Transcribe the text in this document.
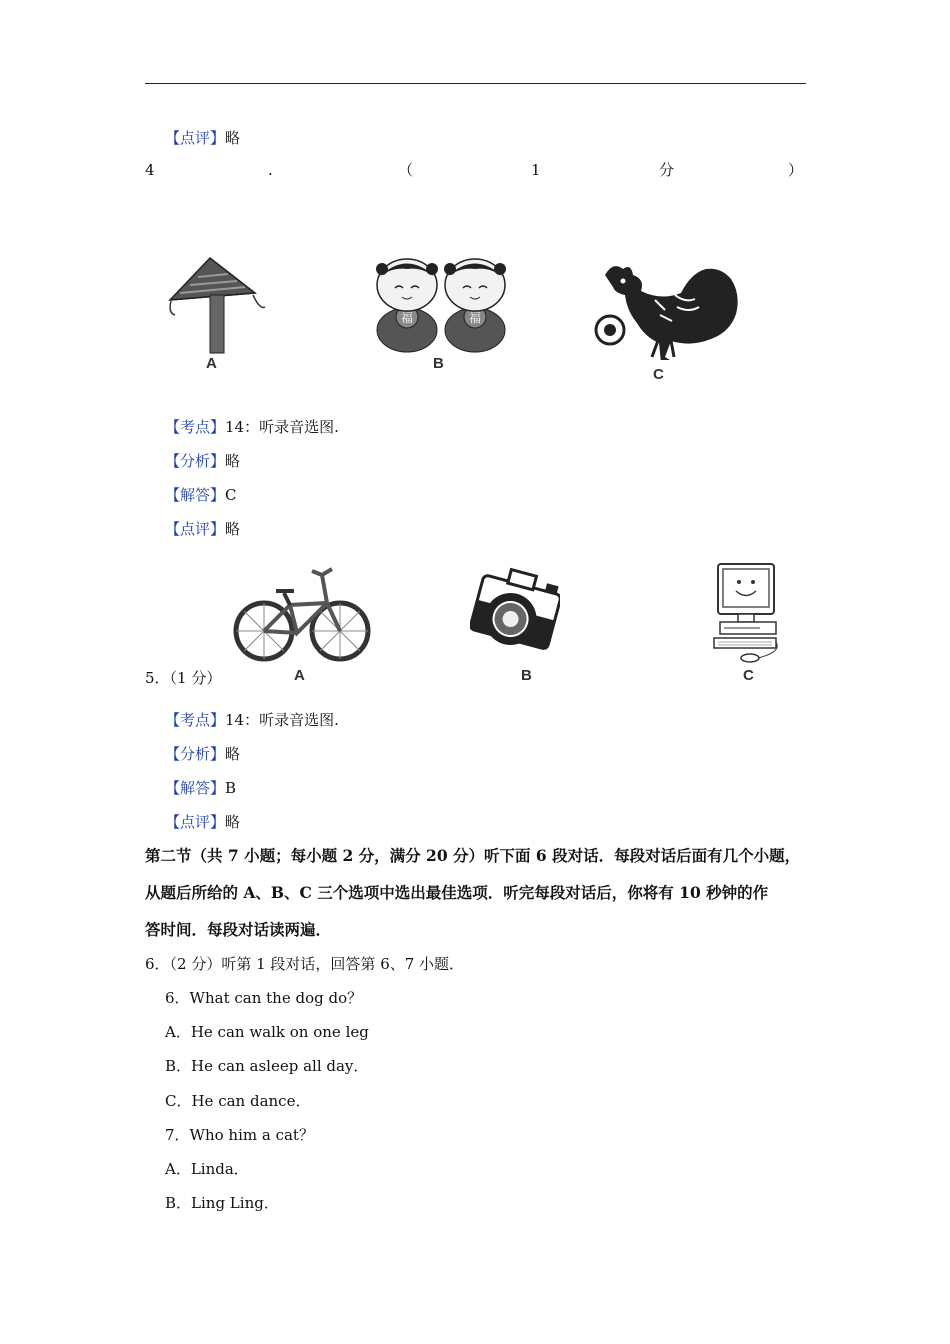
【点评】略
4	.	（	1	分	）
A
福	福
B
C
【考点】14：听录音选图.
【分析】略
【解答】C
【点评】略
A	B	C
5．（1 分）
【考点】14：听录音选图.
【分析】略
【解答】B
【点评】略
第二节（共 7 小题；每小题 2 分，满分 20 分）听下面 6 段对话．每段对话后面有几个小题，
从题后所给的 A、B、C 三个选项中选出最佳选项．听完每段对话后，你将有 10 秒钟的作
答时间．每段对话读两遍．
6．（2 分）听第 1 段对话，回答第 6、7 小题．
6．What can the dog do？
A．He can walk on one leg
B．He can asleep all day．
C．He can dance．
7．Who him a cat？
A．Linda．
B．Ling Ling．
